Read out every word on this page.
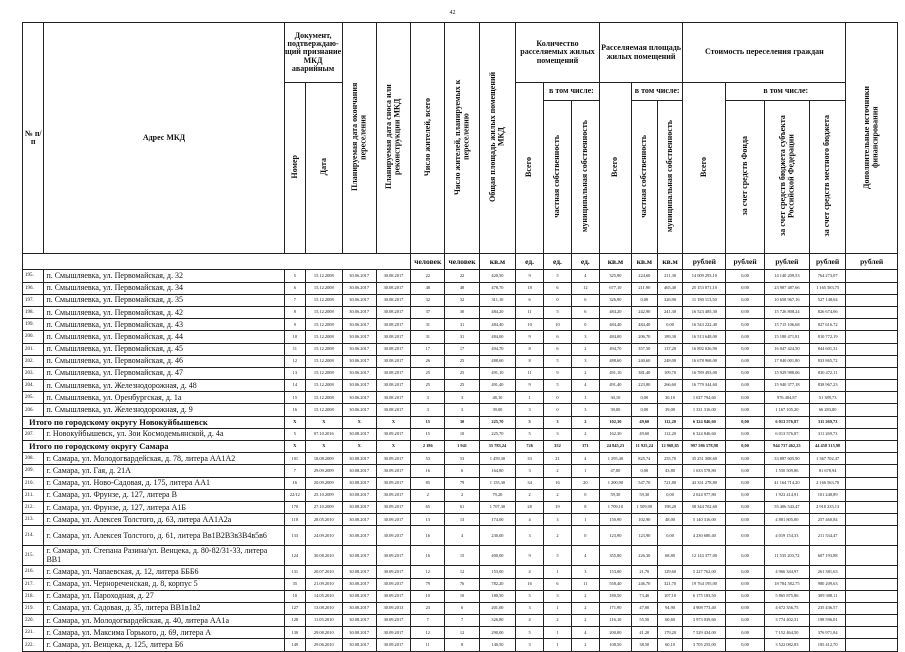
42
№ п/п	Адрес МКД	Документ, подтверждаю-щий признание МКД аварийным		Планируемая дата окончания переселения	Планируемая дата сноса или реконструкции МКД	Число жителей, всего	Число жителей, планируемых к переселению	Общая площадь жилых помещений МКД	Количество расселяемых жилых помещений			Расселяемая площадь жилых помещений			Стоимость переселения граждан				Дополнительные источники финансирования
		Номер	Дата						Всего	в том числе:		Всего	в том числе:		Всего	в том числе:			
										частная собственность	муниципальная собственность		частная собственность	муниципальная собственность		за счет средств Фонда	за счет средств бюджета субъекта Российской Федерации	за счет средств местного бюджета	
						человек	человек	кв.м	ед.	ед.	ед.	кв.м	кв.м	кв.м	рублей	рублей	рублей	рублей	рублей
195.	п. Смышляевка, ул. Первомайская, д. 32	5	15.12.2008	30.06.2017	30.08.2017	22	22	420,50	9	5	4	325,90	224,60	211,30	14 009 293,10	0,00	14 140 209,53	764 273,07	
196.	п. Смышляевка, ул. Первомайская, д. 34	6	15.12.2008	30.06.2017	30.08.2017	48	48	478,70	18	6	12	677,10	211,90	465,40	25 153 071,10	0,00	23 987 487,66	1 165 583,75	
197.	п. Смышляевка, ул. Первомайская, д. 35	7	15.12.2008	30.06.2017	30.08.2017	32	32	311,10	6	0	6	326,90	0,00	326,90	11 180 113,50	0,00	10 658 967,16	527 148,64	
198.	п. Смышляевка, ул. Первомайская, д. 42	8	15.12.2008	30.06.2017	30.08.2017	37	30	484,20	11	5	6	484,20	242,90	241,30	16 523 485,30	0,00	15 726 808,24	826 674,06	
199.	п. Смышляевка, ул. Первомайская, д. 43	9	15.12.2008	30.06.2017	30.08.2017	31	31	484,40	10	10	0	484,40	484,40	0,00	16 543 222,40	0,00	15 715 106,68	827 616,72	
200.	п. Смышляевка, ул. Первомайская, д. 44	10	15.12.2008	30.06.2017	30.08.2017	31	31	484,00	9	6	3	484,00	206,70	189,30	16 513 648,00	0,00	15 180 471,81	810 772,19	
201.	п. Смышляевка, ул. Первомайская, д. 45	11	15.12.2008	30.06.2017	30.08.2017	17	17	494,70	8	6	2	494,70	357,50	137,20	16 892 026,90	0,00	16 047 424,50	844 601,31	
202.	п. Смышляевка, ул. Первомайская, д. 46	12	15.12.2008	30.06.2017	30.08.2017	26	25	488,60	8	5	3	488,60	240,60	248,00	16 678 968,00	0,00	17 840 001,80	833 865,72	
203.	п. Смышляевка, ул. Первомайская, д. 47	13	15.12.2008	30.06.2017	30.08.2017	25	25	491,10	11	9	2	491,10	381,40	109,70	16 789 493,00	0,00	15 929 988,06	830 472,11	
204.	п. Смышляевка, ул. Железнодорожная, д. 48	14	15.12.2008	30.06.2017	30.08.2017	25	25	491,40	9	5	4	491,40	223,80	266,60	16 779 344,60	0,00	15 940 377,18	838 967,23	
205.	п. Смышляевка, ул. Оренбургская, д. 1а	15	15.12.2008	30.06.2017	30.08.2017	3	3	48,10	1	0	1	30,10	0,00	30,10	1 027 794,60	0,00	976 404,87	51 389,73	
206.	п. Смышляевка, ул. Железнодорожная, д. 9	16	15.12.2008	30.06.2017	30.08.2017	3	3	39,00	3	0	3	39,00	0,00	39,00	1 331 316,00	0,00	1 167 105,20	66 283,80	
Итого по городскому округу Новокуйбышевск		X	X	X	X	15	30	225,70	5	3	2	102,30	49,60	112,20	6 324 846,60	0,00	6 013 576,87	311 269,73	
207.	г. Новокуйбышевск, ул. Зои Космодемьянской, д. 4а	5	07.10.2016	30.08.2017	30.09.2017	15	10	225,70	5	3	2	162,30	49,60	112,20	6 324 846,60	0,00	6 013 576,87	311 269,73	
Итого по городскому округу Самара		X	X	X	X	2 186	1 941	35 783,24	726	352	371	24 845,23	11 925,24	12 968,85	997 586 578,98	0,00	944 737 462,23	44 458 315,98	
208.	г. Самара, ул. Молодогвардейская, д. 78, литера АА1А2	101	18.08.2009	30.08.2017	30.09.2017	53	53	1 459,30	33	21	4	1 295,40	825,74	255,70	35 251 308,60	0,00	33 887 605,90	1 367 702,47	
209.	г. Самара, ул. Гая, д. 21А	7	29.09.2009	30.08.2017	30.09.2017	16	6	164,80	3	2	1	47,80	0,00	43,80	1 633 578,80	0,00	1 550 509,86	81 678,94	
210.	г. Самара, ул. Ново-Садовая, д. 175, литера АА1	16	20.09.2009	30.08.2017	30.09.2017	85	79	1 155,30	34	16	20	1 200,90	547,70	721,80	43 331 278,80	0,00	41 164 714,20	2 166 563,70	
211.	г. Самара, ул. Фрунзе, д. 127, литера В	22/12	25.10.2009	30.08.2017	30.09.2017	2	2	79,20	2	2	0	59,30	59,30	0,00	2 024 977,80	0,00	1 923 414,91	101 248,89	
212.	г. Самара, ул. Фрунзе, д. 127, литера А1Б	170	27.10.2009	30.08.2017	30.09.2017	65	61	1 707,30	28	19	8	1 709,10	1 509,90	198,20	58 344 702,60	0,00	55 406 543,47	2 918 235,13	
213.	г. Самара, ул. Алексея Толстого, д. 63, литера АА1А2а	118	28.05.2010	30.08.2017	30.09.2017	13	13	174,00	4	3	1	150,90	102,90	48,00	5 140 316,00	0,00	4 881 805,00	257 460,84	
214.	г. Самара, ул. Алексея Толстого, д. 61, литера Вв1В2В3в3В4в5в6	133	24.09.2010	30.08.2017	30.09.2017	16	4	230,00	3	2	0	123,90	123,90	0,00	4 230 680,40	0,00	4 019 154,33	211 534,47	
215.	г. Самара, ул. Степана Разина/ул. Венцека, д. 80-82/31-33, литера ВВ1	124	30.08.2010	30.08.2017	30.09.2017	16	15	400,00	9	5	4	355,80	226,30	68,80	12 143 377,00	0,00	11 535 203,72	607 193,88	
216.	г. Самара, ул. Чапаевская, д. 12, литера БББ6	131	20.07.2010	30.08.2017	30.09.2017	12	12	153,00	4	1	3	153,00	21,70	129,60	5 227 762,00	0,00	4 966 344,97	261 381,63	
217.	г. Самара, ул. Чернореченская, д. 8, корпус 5	35	21.09.2010	30.08.2017	30.09.2017	79	76	782,20	16	6	11	558,40	246,70	321,70	19 764 195,00	0,00	18 784 582,75	980 209,63	
218.	г. Самара, ул. Пароходная, д. 27	10	14.05.2010	30.08.2017	30.09.2017	10	10	180,50	5	3	2	180,50	73,40	107,10	6 175 183,50	0,00	5 865 875,86	309 308,11	
219.	г. Самара, ул. Садовая, д. 35, литера ВВ1в1в2	127	13.08.2010	30.08.2017	30.09.2013	23	6	201,00	3	1	2	171,90	47,00	94,90	4 908 773,40	0,00	4 672 356,75	235 436,57	
220.	г. Самара, ул. Молодогвардейская, д. 40, литера АА1а	128	11.05.2010	30.08.2017	30.09.2017	7	7	326,80	4	2	2	116,10	55,50	60,60	3 973 039,60	0,00	3 774 402,31	198 596,01	
221.	г. Самара, ул. Максима Горького, д. 69, литера А	130	29.08.2010	30.08.2017	30.09.2017	12	12	290,00	5	1	4	200,00	41,20	179,20	7 529 434,00	0,00	7 152 464,50	376 971,84	
222.	г. Самара, ул. Венцека, д. 125, литера Б6	149	29.06.2010	30.08.2017	30.09.2017	11	8	140,50	3	1	2	108,50	38,50	60,10	3 705 255,00	0,00	3 522 082,83	185 412,70	
